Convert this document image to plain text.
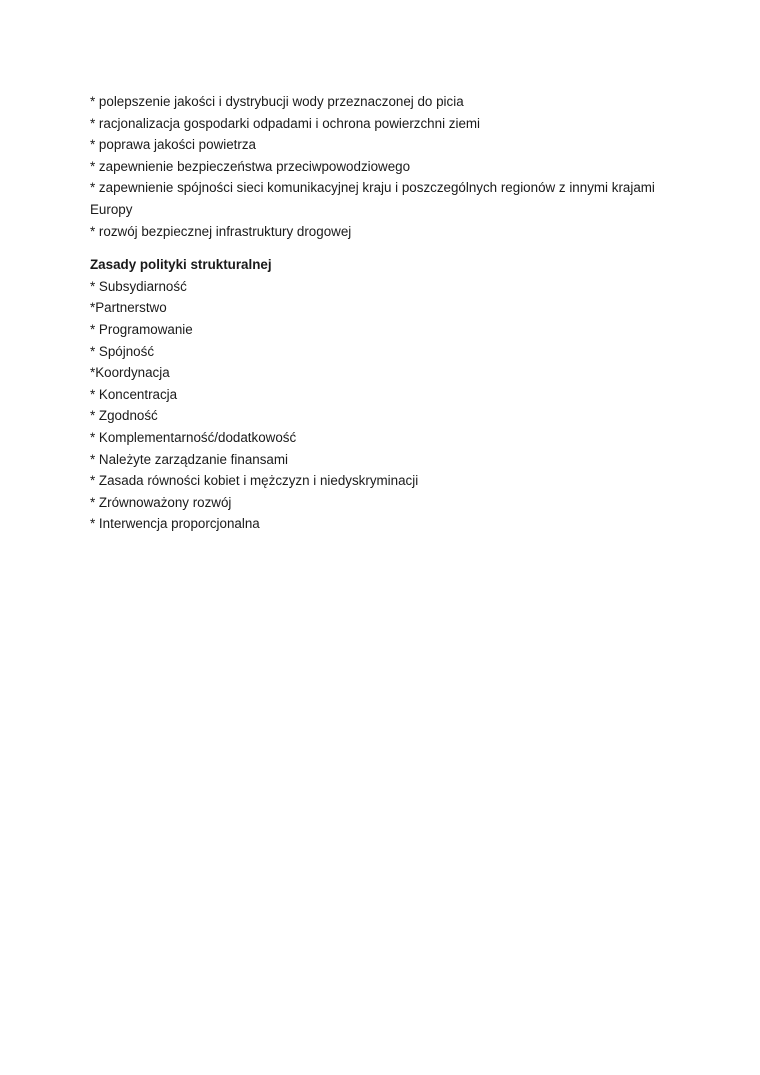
* polepszenie jakości i dystrybucji wody przeznaczonej do picia

* racjonalizacja gospodarki odpadami i ochrona powierzchni ziemi

* poprawa jakości powietrza

* zapewnienie bezpieczeństwa przeciwpowodziowego

* zapewnienie spójności sieci komunikacyjnej kraju i poszczególnych regionów z innymi krajami Europy

* rozwój bezpiecznej infrastruktury drogowej

Zasady polityki strukturalnej

* Subsydiarność

*Partnerstwo

* Programowanie

* Spójność

*Koordynacja

* Koncentracja

* Zgodność

* Komplementarność/dodatkowość

* Należyte zarządzanie finansami

* Zasada równości kobiet i mężczyzn i niedyskryminacji

* Zrównoważony rozwój

* Interwencja proporcjonalna
